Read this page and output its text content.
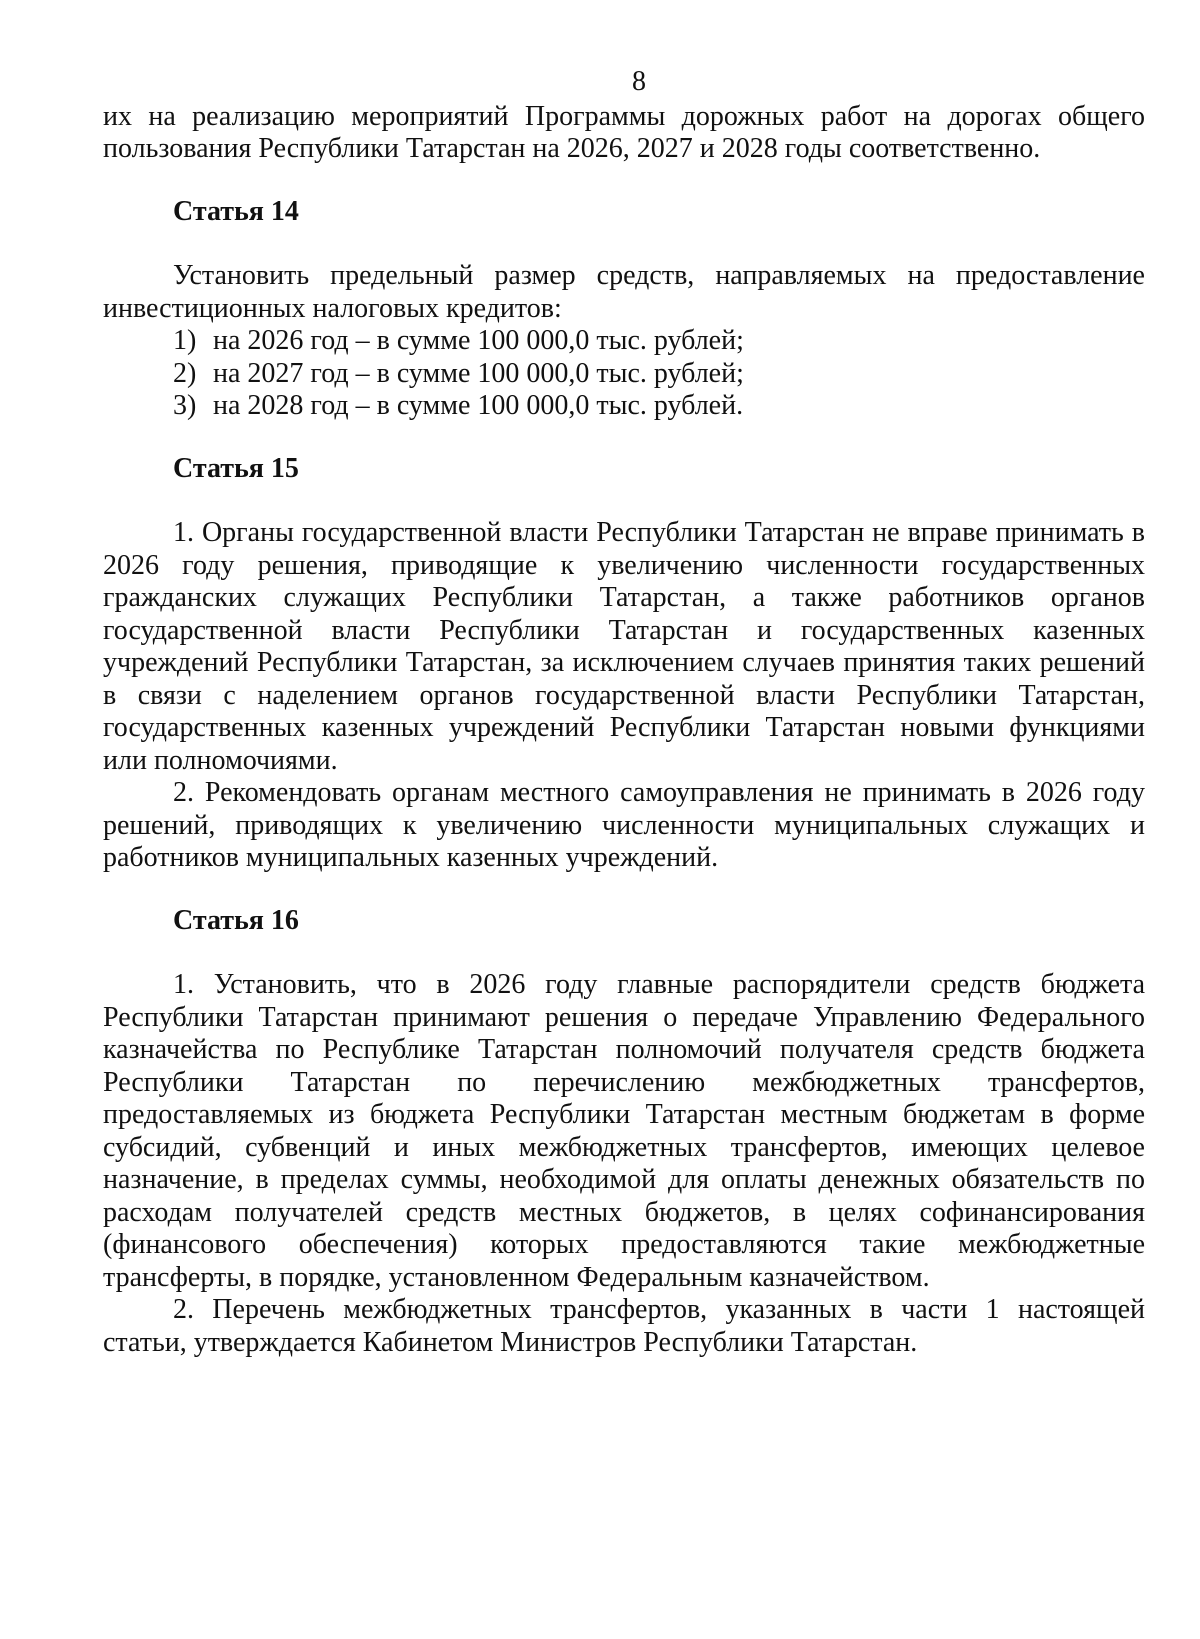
8

их на реализацию мероприятий Программы дорожных работ на дорогах общего пользования Республики Татарстан на 2026, 2027 и 2028 годы соответственно.

Статья 14

Установить предельный размер средств, направляемых на предоставление инвестиционных налоговых кредитов:

1) на 2026 год – в сумме 100 000,0 тыс. рублей;

2) на 2027 год – в сумме 100 000,0 тыс. рублей;

3) на 2028 год – в сумме 100 000,0 тыс. рублей.

Статья 15

1. Органы государственной власти Республики Татарстан не вправе принимать в 2026 году решения, приводящие к увеличению численности государственных гражданских служащих Республики Татарстан, а также работников органов государственной власти Республики Татарстан и государственных казенных учреждений Республики Татарстан, за исключением случаев принятия таких решений в связи с наделением органов государственной власти Республики Татарстан, государственных казенных учреждений Республики Татарстан новыми функциями или полномочиями.

2. Рекомендовать органам местного самоуправления не принимать в 2026 году решений, приводящих к увеличению численности муниципальных служащих и работников муниципальных казенных учреждений.

Статья 16

1. Установить, что в 2026 году главные распорядители средств бюджета Республики Татарстан принимают решения о передаче Управлению Федерального казначейства по Республике Татарстан полномочий получателя средств бюджета Республики Татарстан по перечислению межбюджетных трансфертов, предоставляемых из бюджета Республики Татарстан местным бюджетам в форме субсидий, субвенций и иных межбюджетных трансфертов, имеющих целевое назначение, в пределах суммы, необходимой для оплаты денежных обязательств по расходам получателей средств местных бюджетов, в целях софинансирования (финансового обеспечения) которых предоставляются такие межбюджетные трансферты, в порядке, установленном Федеральным казначейством.

2. Перечень межбюджетных трансфертов, указанных в части 1 настоящей статьи, утверждается Кабинетом Министров Республики Татарстан.
